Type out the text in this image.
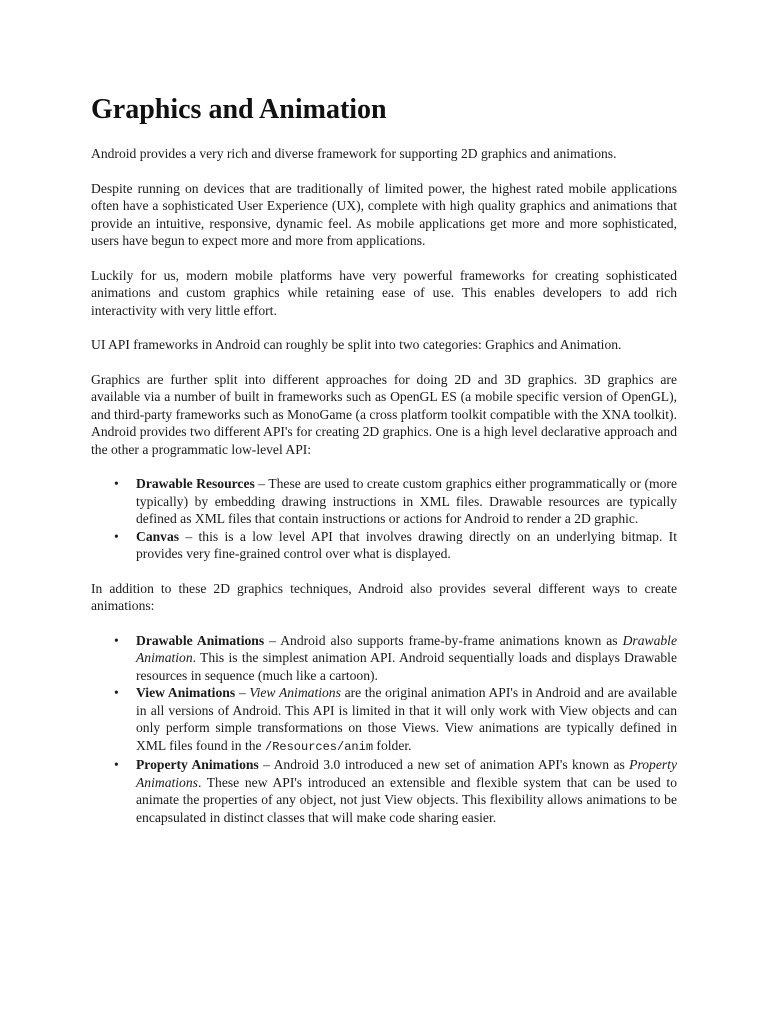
Graphics and Animation

Android provides a very rich and diverse framework for supporting 2D graphics and animations.

Despite running on devices that are traditionally of limited power, the highest rated mobile applications often have a sophisticated User Experience (UX), complete with high quality graphics and animations that provide an intuitive, responsive, dynamic feel. As mobile applications get more and more sophisticated, users have begun to expect more and more from applications.

Luckily for us, modern mobile platforms have very powerful frameworks for creating sophisticated animations and custom graphics while retaining ease of use. This enables developers to add rich interactivity with very little effort.

UI API frameworks in Android can roughly be split into two categories: Graphics and Animation.

Graphics are further split into different approaches for doing 2D and 3D graphics. 3D graphics are available via a number of built in frameworks such as OpenGL ES (a mobile specific version of OpenGL), and third-party frameworks such as MonoGame (a cross platform toolkit compatible with the XNA toolkit). Android provides two different API's for creating 2D graphics. One is a high level declarative approach and the other a programmatic low-level API:

• Drawable Resources – These are used to create custom graphics either programmatically or (more typically) by embedding drawing instructions in XML files. Drawable resources are typically defined as XML files that contain instructions or actions for Android to render a 2D graphic.
• Canvas – this is a low level API that involves drawing directly on an underlying bitmap. It provides very fine-grained control over what is displayed.

In addition to these 2D graphics techniques, Android also provides several different ways to create animations:

• Drawable Animations – Android also supports frame-by-frame animations known as Drawable Animation. This is the simplest animation API. Android sequentially loads and displays Drawable resources in sequence (much like a cartoon).
• View Animations – View Animations are the original animation API's in Android and are available in all versions of Android. This API is limited in that it will only work with View objects and can only perform simple transformations on those Views. View animations are typically defined in XML files found in the /Resources/anim folder.
• Property Animations – Android 3.0 introduced a new set of animation API's known as Property Animations. These new API's introduced an extensible and flexible system that can be used to animate the properties of any object, not just View objects. This flexibility allows animations to be encapsulated in distinct classes that will make code sharing easier.
